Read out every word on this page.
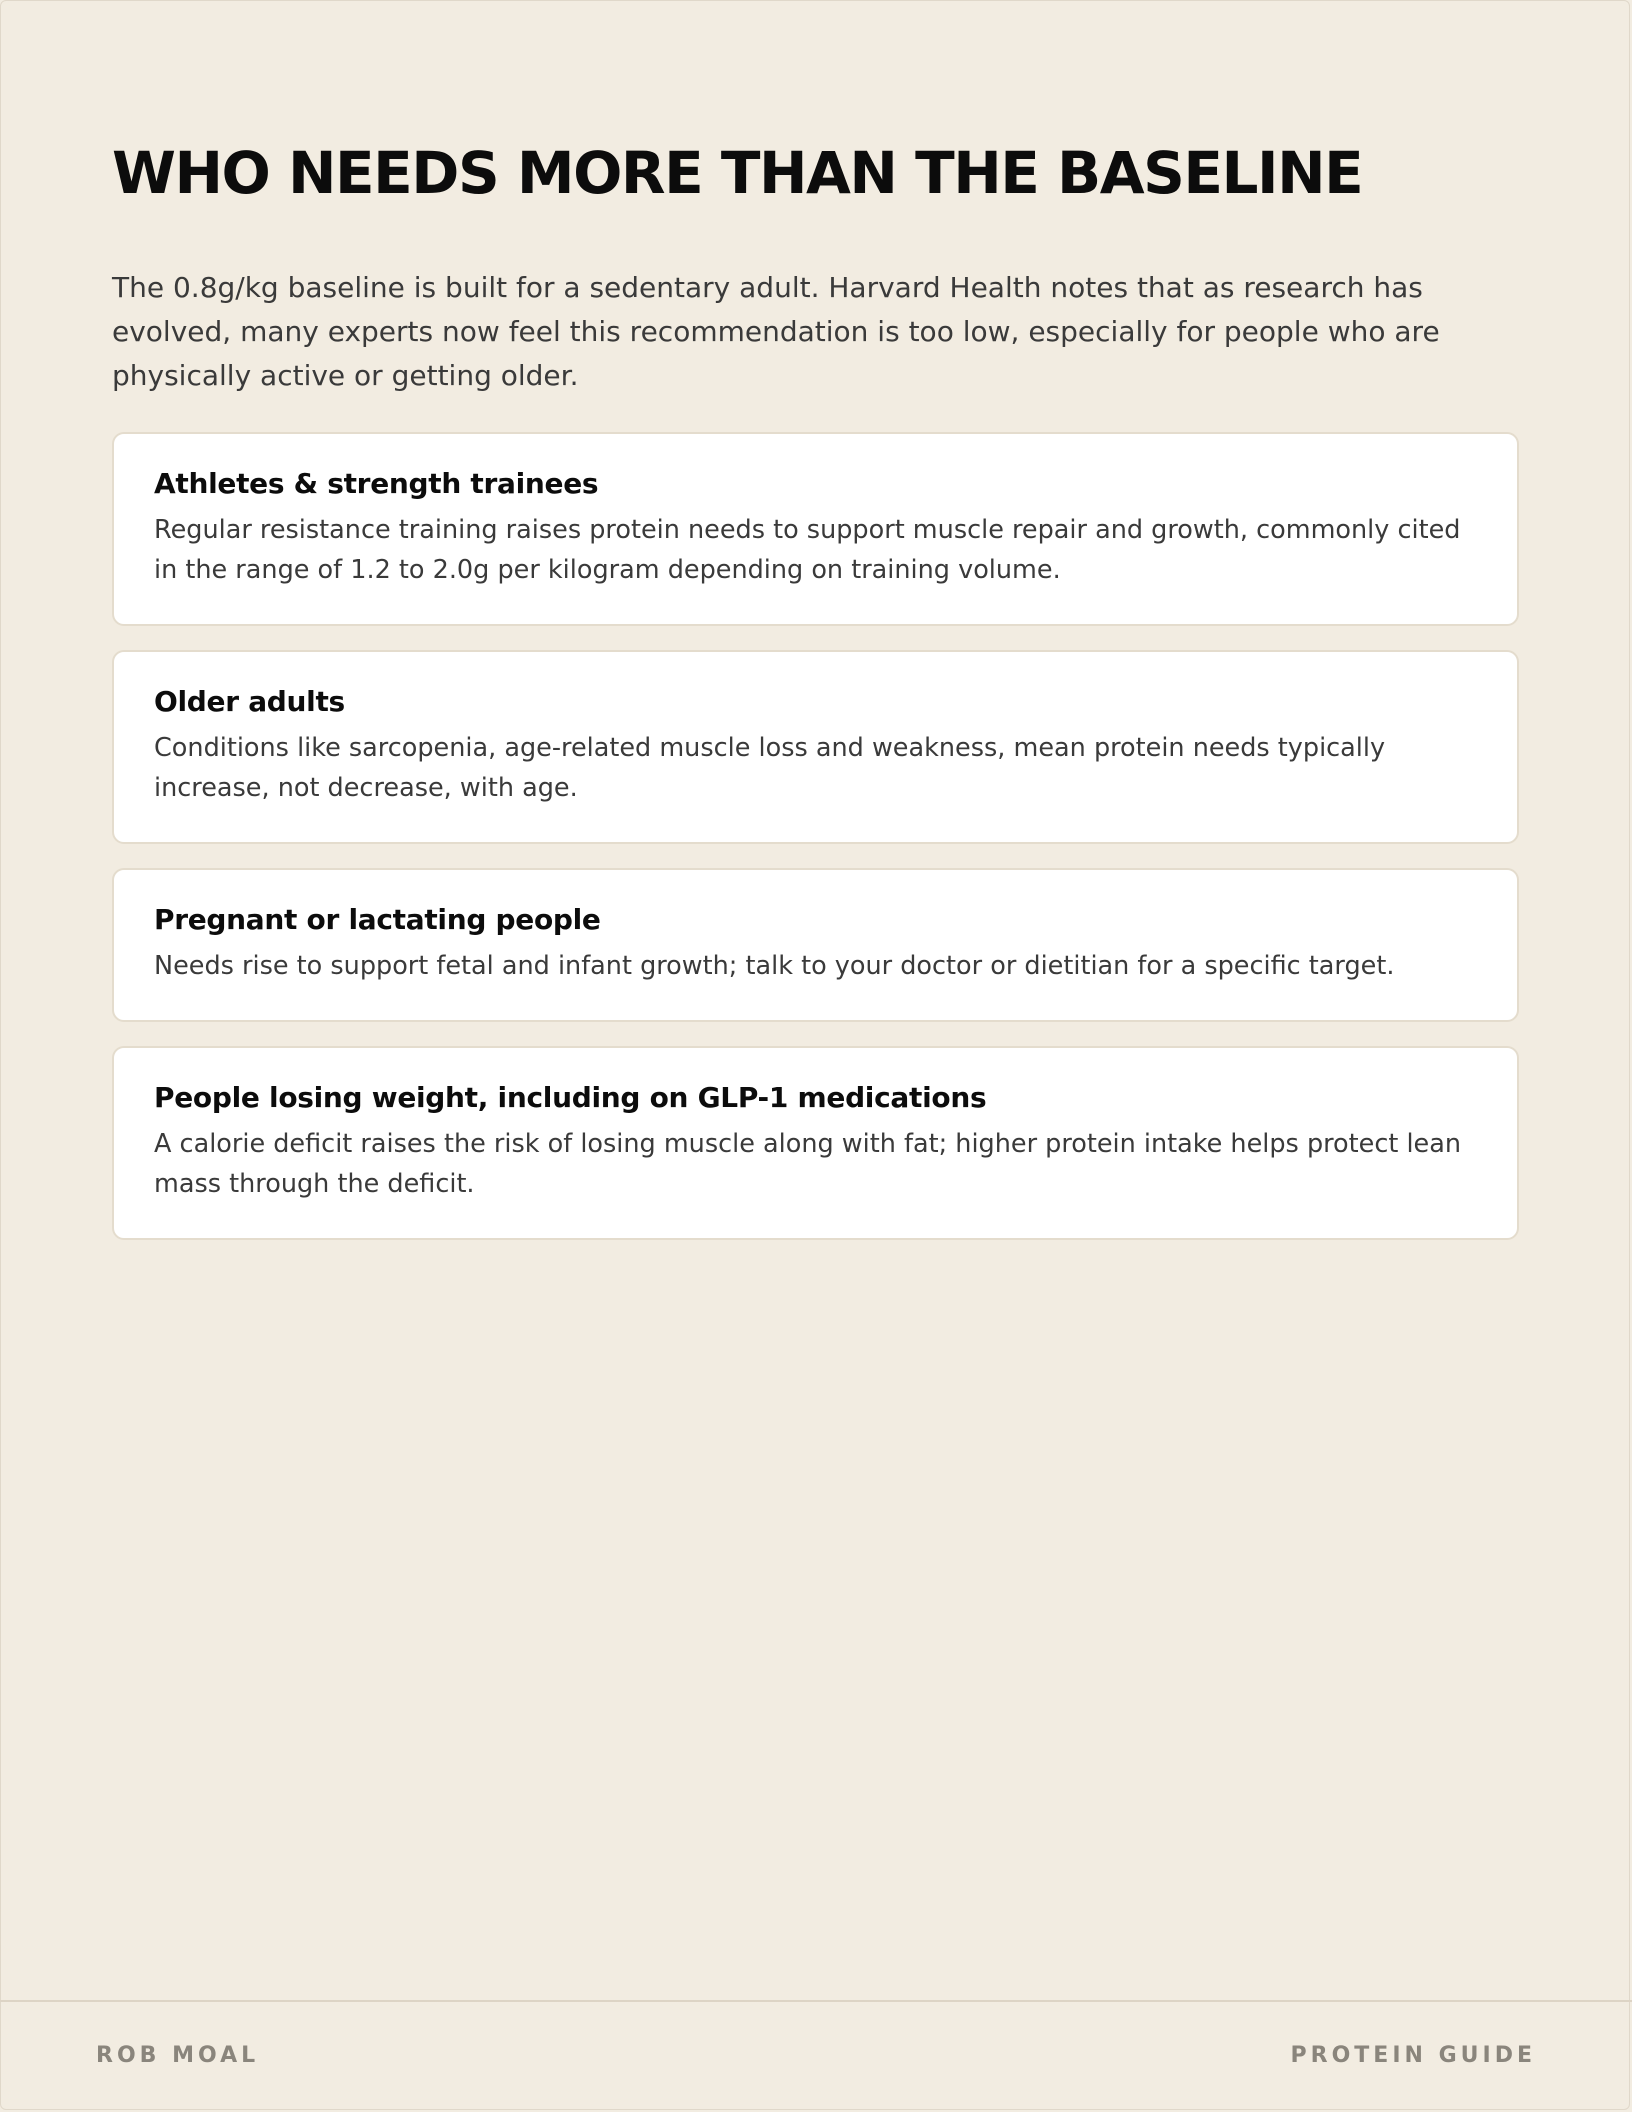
WHO NEEDS MORE THAN THE BASELINE

The 0.8g/kg baseline is built for a sedentary adult. Harvard Health notes that as research has evolved, many experts now feel this recommendation is too low, especially for people who are physically active or getting older.

Athletes & strength trainees

Regular resistance training raises protein needs to support muscle repair and growth, commonly cited in the range of 1.2 to 2.0g per kilogram depending on training volume.

Older adults

Conditions like sarcopenia, age-related muscle loss and weakness, mean protein needs typically increase, not decrease, with age.

Pregnant or lactating people

Needs rise to support fetal and infant growth; talk to your doctor or dietitian for a specific target.

People losing weight, including on GLP-1 medications

A calorie deficit raises the risk of losing muscle along with fat; higher protein intake helps protect lean mass through the deficit.

ROB MOAL	PROTEIN GUIDE
